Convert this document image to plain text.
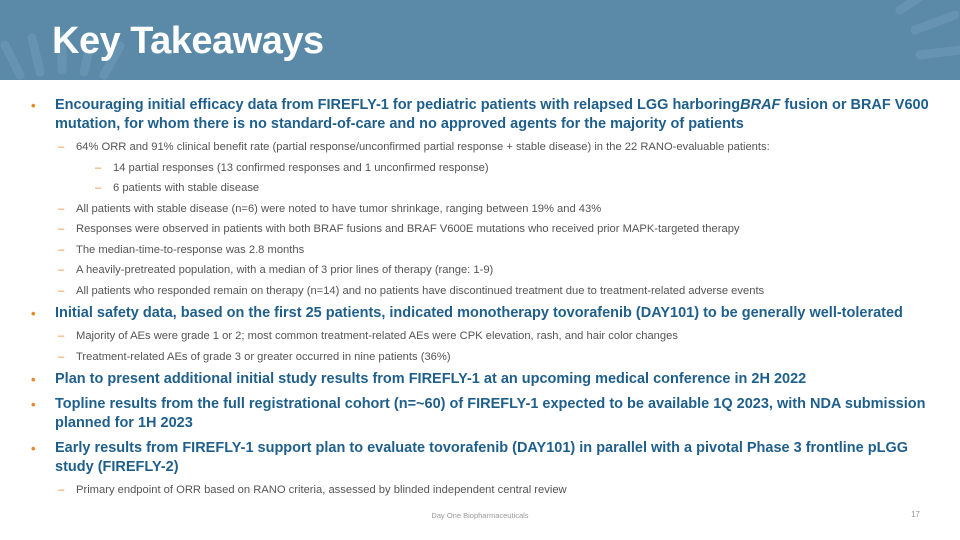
Key Takeaways
• Encouraging initial efficacy data from FIREFLY-1 for pediatric patients with relapsed LGG harboringBRAF fusion or BRAF V600 mutation, for whom there is no standard-of-care and no approved agents for the majority of patients
– 64% ORR and 91% clinical benefit rate (partial response/unconfirmed partial response + stable disease) in the 22 RANO-evaluable patients:
– 14 partial responses (13 confirmed responses and 1 unconfirmed response)
– 6 patients with stable disease
– All patients with stable disease (n=6) were noted to have tumor shrinkage, ranging between 19% and 43%
– Responses were observed in patients with both BRAF fusions and BRAF V600E mutations who received prior MAPK-targeted therapy
– The median-time-to-response was 2.8 months
– A heavily-pretreated population, with a median of 3 prior lines of therapy (range: 1-9)
– All patients who responded remain on therapy (n=14) and no patients have discontinued treatment due to treatment-related adverse events
• Initial safety data, based on the first 25 patients, indicated monotherapy tovorafenib (DAY101) to be generally well-tolerated
– Majority of AEs were grade 1 or 2; most common treatment-related AEs were CPK elevation, rash, and hair color changes
– Treatment-related AEs of grade 3 or greater occurred in nine patients (36%)
• Plan to present additional initial study results from FIREFLY-1 at an upcoming medical conference in 2H 2022
• Topline results from the full registrational cohort (n=~60) of FIREFLY-1 expected to be available 1Q 2023, with NDA submission planned for 1H 2023
• Early results from FIREFLY-1 support plan to evaluate tovorafenib (DAY101) in parallel with a pivotal Phase 3 frontline pLGG study (FIREFLY-2)
– Primary endpoint of ORR based on RANO criteria, assessed by blinded independent central review
Day One Biopharmaceuticals	17
